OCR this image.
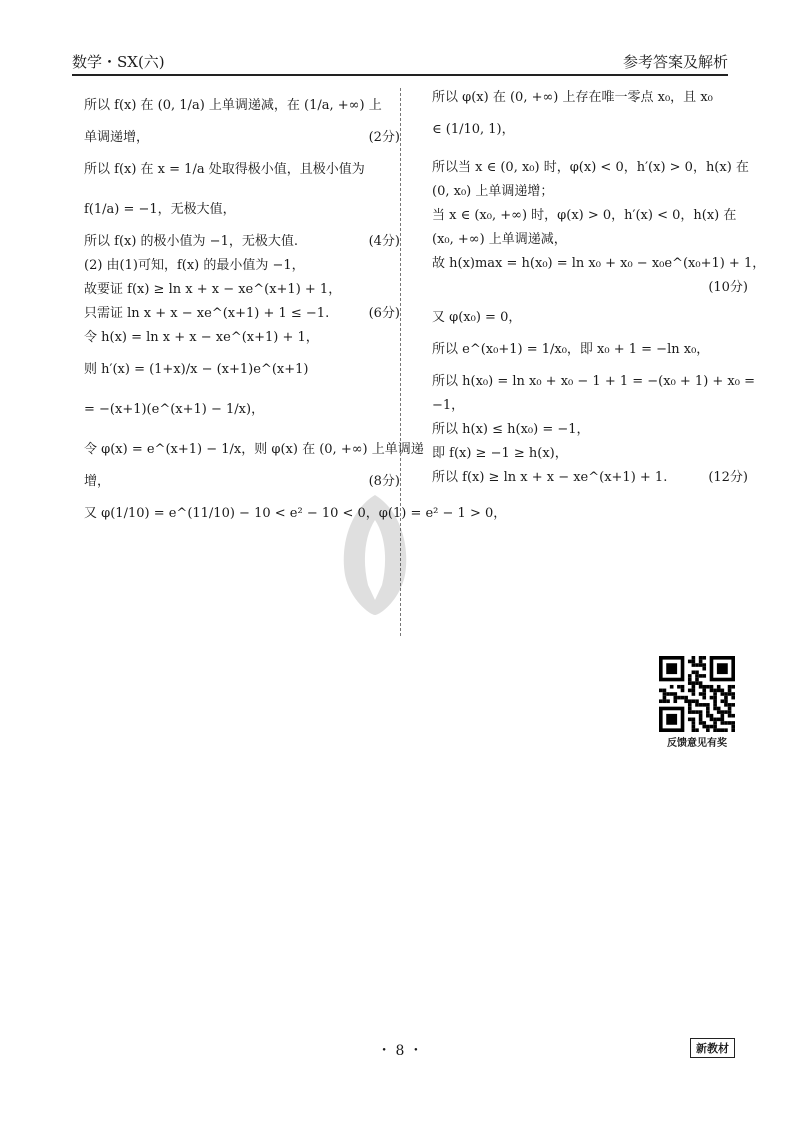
数学・SX(六)	参考答案及解析
所以 f(x) 在 (0, 1/a) 上单调递减，在 (1/a, +∞) 上
(2分)
单调递增，
所以 f(x) 在 x = 1/a 处取得极小值，且极小值为
f(1/a) = −1，无极大值，
(4分)
所以 f(x) 的极小值为 −1，无极大值.
(2) 由(1)可知，f(x) 的最小值为 −1，
故要证 f(x) ≥ ln x + x − xe^(x+1) + 1，
(6分)
只需证 ln x + x − xe^(x+1) + 1 ≤ −1.
令 h(x) = ln x + x − xe^(x+1) + 1，
则 h′(x) = (1+x)/x − (x+1)e^(x+1)
= −(x+1)(e^(x+1) − 1/x)，
令 φ(x) = e^(x+1) − 1/x，则 φ(x) 在 (0, +∞) 上单调递
(8分)
增，
又 φ(1/10) = e^(11/10) − 10 < e² − 10 < 0，φ(1) = e² − 1 > 0，
所以 φ(x) 在 (0, +∞) 上存在唯一零点 x₀，且 x₀
∈ (1/10, 1)，
所以当 x ∈ (0, x₀) 时，φ(x) < 0，h′(x) > 0，h(x) 在
(0, x₀) 上单调递增；
当 x ∈ (x₀, +∞) 时，φ(x) > 0，h′(x) < 0，h(x) 在
(x₀, +∞) 上单调递减，
故 h(x)max = h(x₀) = ln x₀ + x₀ − x₀e^(x₀+1) + 1，
(10分)
又 φ(x₀) = 0，
所以 e^(x₀+1) = 1/x₀，即 x₀ + 1 = −ln x₀，
所以 h(x₀) = ln x₀ + x₀ − 1 + 1 = −(x₀ + 1) + x₀ =
−1，
所以 h(x) ≤ h(x₀) = −1，
即 f(x) ≥ −1 ≥ h(x)，
(12分)
所以 f(x) ≥ ln x + x − xe^(x+1) + 1.
反馈意见有奖
・ 8 ・	新教材
